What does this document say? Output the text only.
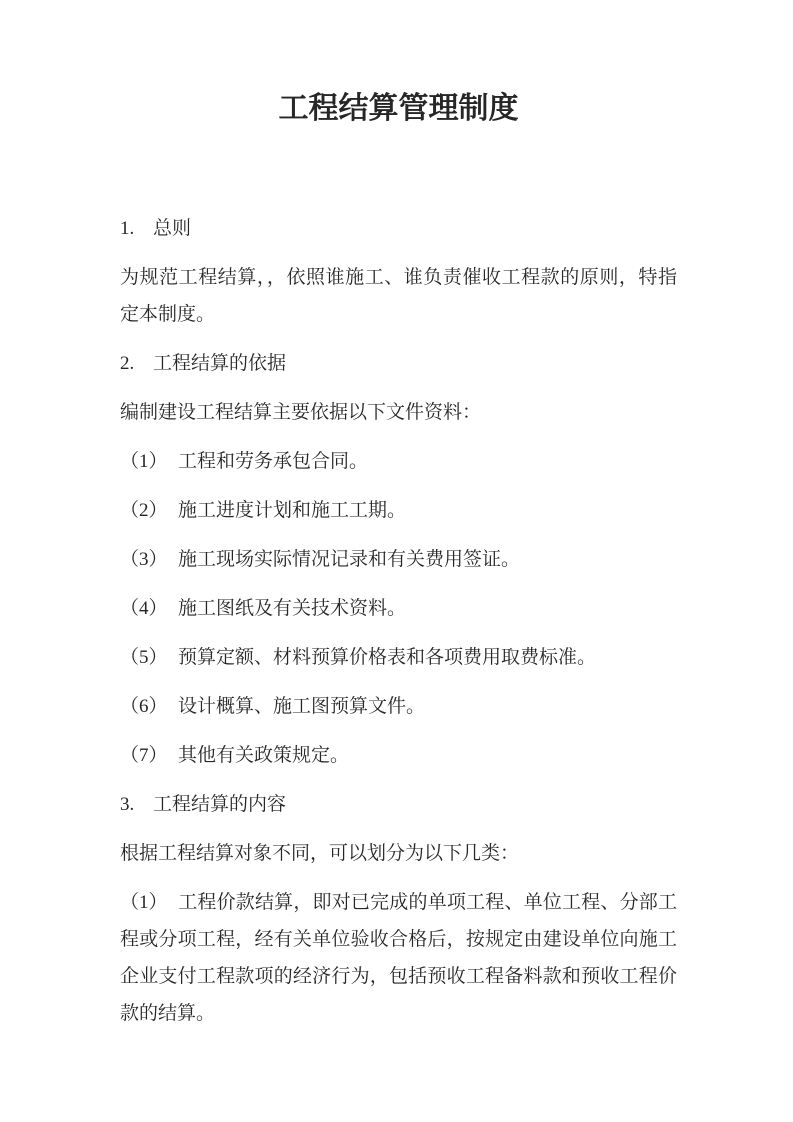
工程结算管理制度

1. 总则

为规范工程结算，，依照谁施工、谁负责催收工程款的原则，特指定本制度。

2. 工程结算的依据

编制建设工程结算主要依据以下文件资料：

（1） 工程和劳务承包合同。

（2） 施工进度计划和施工工期。

（3） 施工现场实际情况记录和有关费用签证。

（4） 施工图纸及有关技术资料。

（5） 预算定额、材料预算价格表和各项费用取费标准。

（6） 设计概算、施工图预算文件。

（7） 其他有关政策规定。

3. 工程结算的内容

根据工程结算对象不同，可以划分为以下几类：

（1） 工程价款结算，即对已完成的单项工程、单位工程、分部工程或分项工程，经有关单位验收合格后，按规定由建设单位向施工企业支付工程款项的经济行为，包括预收工程备料款和预收工程价款的结算。
